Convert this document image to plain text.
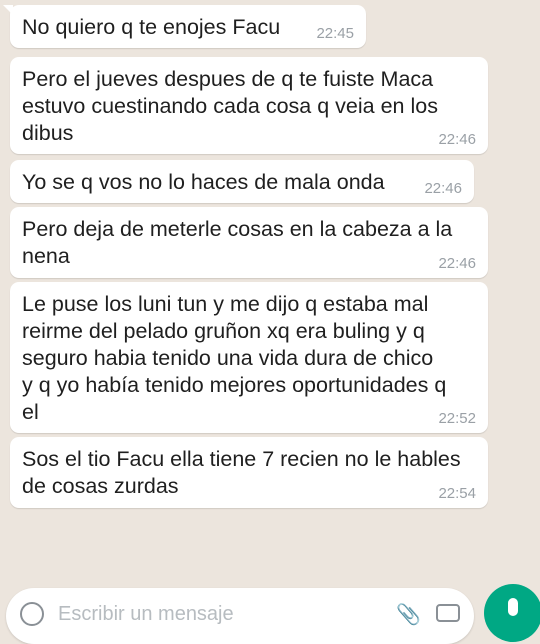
No quiero q te enojes Facu	22:45
Pero el jueves despues de q te fuiste Maca
estuvo cuestinando cada cosa q veia en los
dibus	22:46
Yo se q vos no lo haces de mala onda	22:46
Pero deja de meterle cosas en la cabeza a la
nena	22:46
Le puse los luni tun y me dijo q estaba mal
reirme del pelado gruñon xq era buling y q
seguro habia tenido una vida dura de chico
y q yo había tenido mejores oportunidades q
el	22:52
Sos el tio Facu ella tiene 7 recien no le hables
de cosas zurdas	22:54
Escribir un mensaje	📎
